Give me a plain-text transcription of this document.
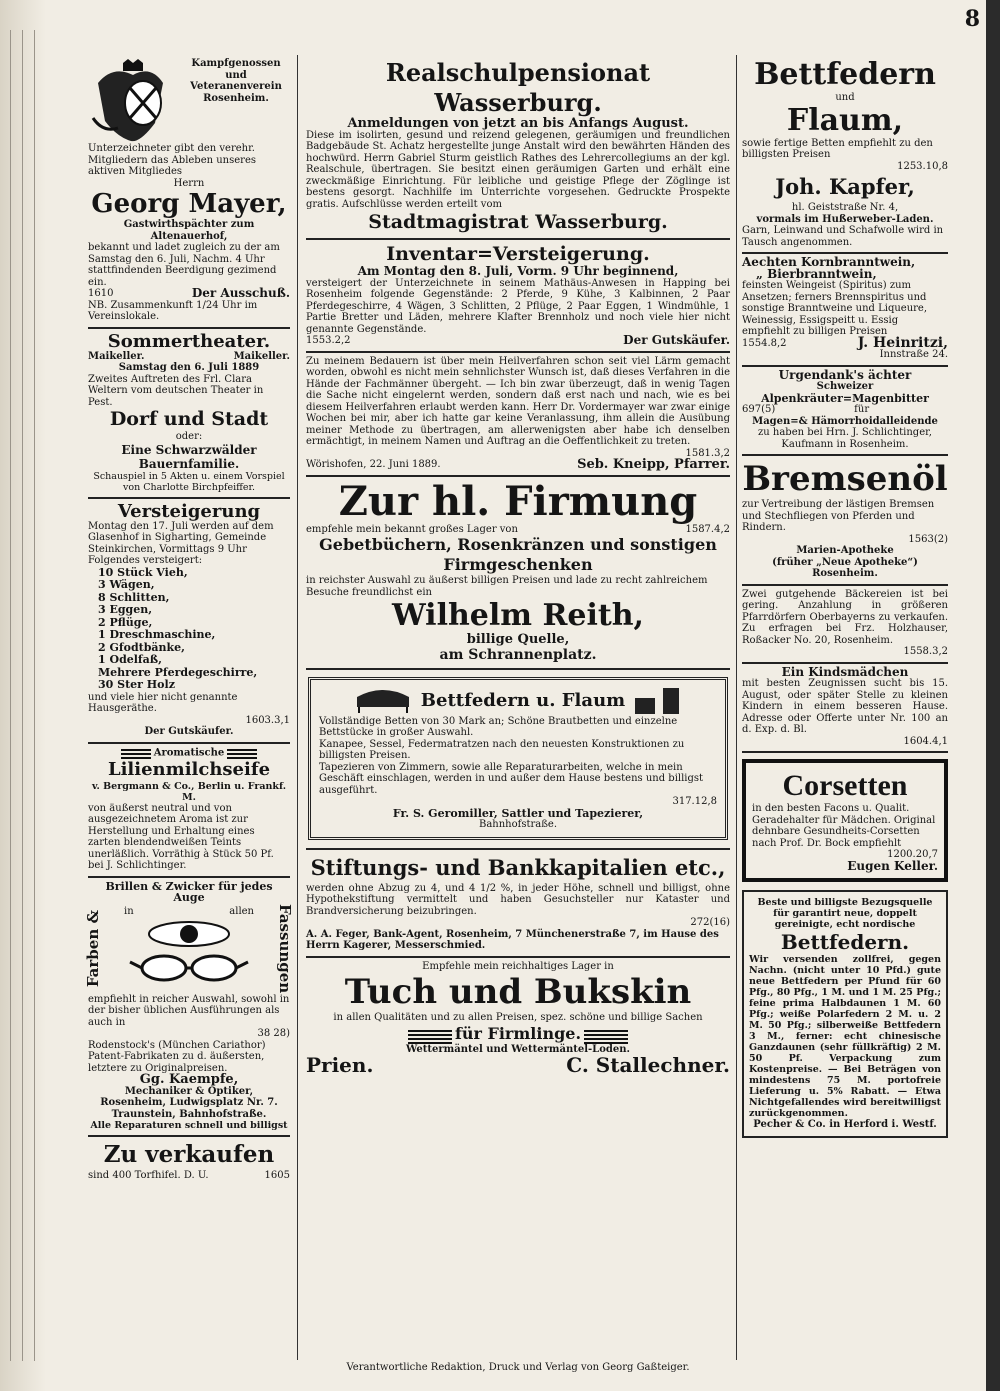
8
Kampfgenossen
und
Veteranenverein
Rosenheim.
Unterzeichneter gibt den verehr. Mitgliedern das Ableben unseres aktiven Mitgliedes
Herrn
Georg Mayer,
Gastwirthspächter zum Altenauerhof,
bekannt und ladet zugleich zu der am Samstag den 6. Juli, Nachm. 4 Uhr stattfindenden Beerdigung gezimend ein.
1610	Der Ausschuß.
NB. Zusammenkunft 1/24 Uhr im Vereinslokale.
Sommertheater.
Maikeller.	Maikeller.
Samstag den 6. Juli 1889
Zweites Auftreten des Frl. Clara Weltern vom deutschen Theater in Pest.
Dorf und Stadt
oder:
Eine Schwarzwälder Bauernfamilie.
Schauspiel in 5 Akten u. einem Vorspiel von Charlotte Birchpfeiffer.
Versteigerung
Montag den 17. Juli werden auf dem Glasenhof in Sigharting, Gemeinde Steinkirchen, Vormittags 9 Uhr Folgendes versteigert:
10 Stück Vieh,
3 Wägen,
8 Schlitten,
3 Eggen,
2 Pflüge,
1 Dreschmaschine,
2 Gfodtbänke,
1 Odelfaß,
Mehrere Pferdegeschirre,
30 Ster Holz
und viele hier nicht genannte Hausgeräthe.
1603.3,1
Der Gutskäufer.
Aromatische
Lilienmilchseife
v. Bergmann & Co., Berlin u. Frankf. M.
von äußerst neutral und von ausgezeichnetem Aroma ist zur Herstellung und Erhaltung eines zarten blendendweißen Teints unerläßlich. Vorräthig à Stück 50 Pf. bei J. Schlichtinger.
Brillen & Zwicker für jedes Auge
Farben & in	allen Fassungen
empfiehlt in reicher Auswahl, sowohl in der bisher üblichen Ausführungen als auch in
38 28)
Rodenstock's (München Cariathor) Patent-Fabrikaten zu d. äußersten, letztere zu Originalpreisen.
Gg. Kaempfe,
Mechaniker & Optiker,
Rosenheim, Ludwigsplatz Nr. 7. Traunstein, Bahnhofstraße.
Alle Reparaturen schnell und billigst
Zu verkaufen
sind 400 Torfhifel. D. U.	1605
Realschulpensionat Wasserburg.
Anmeldungen von jetzt an bis Anfangs August.
Diese im isolirten, gesund und reizend gelegenen, geräumigen und freundlichen Badgebäude St. Achatz hergestellte junge Anstalt wird den bewährten Händen des hochwürd. Herrn Gabriel Sturm geistlich Rathes des Lehrercollegiums an der kgl. Realschule, übertragen. Sie besitzt einen geräumigen Garten und erhält eine zweckmäßige Einrichtung. Für leibliche und geistige Pflege der Zöglinge ist bestens gesorgt. Nachhilfe im Unterrichte vorgesehen. Gedruckte Prospekte gratis. Aufschlüsse werden erteilt vom
Stadtmagistrat Wasserburg.
Inventar=Versteigerung.
Am Montag den 8. Juli, Vorm. 9 Uhr beginnend,
versteigert der Unterzeichnete in seinem Mathäus-Anwesen in Happing bei Rosenheim folgende Gegenstände: 2 Pferde, 9 Kühe, 3 Kalbinnen, 2 Paar Pferdegeschirre, 4 Wägen, 3 Schlitten, 2 Pflüge, 2 Paar Eggen, 1 Windmühle, 1 Partie Bretter und Läden, mehrere Klafter Brennholz und noch viele hier nicht genannte Gegenstände.
1553.2,2	Der Gutskäufer.
Zu meinem Bedauern ist über mein Heilverfahren schon seit viel Lärm gemacht worden, obwohl es nicht mein sehnlichster Wunsch ist, daß dieses Verfahren in die Hände der Fachmänner übergeht. — Ich bin zwar überzeugt, daß in wenig Tagen die Sache nicht eingelernt werden, sondern daß erst nach und nach, wie es bei diesem Heilverfahren erlaubt werden kann. Herr Dr. Vordermayer war zwar einige Wochen bei mir, aber ich hatte gar keine Veranlassung, ihm allein die Ausübung meiner Methode zu übertragen, am allerwenigsten aber habe ich denselben ermächtigt, in meinem Namen und Auftrag an die Oeffentlichkeit zu treten.
1581.3,2
Wörishofen, 22. Juni 1889.	Seb. Kneipp, Pfarrer.
Zur hl. Firmung
empfehle mein bekannt großes Lager von	1587.4,2
Gebetbüchern, Rosenkränzen und sonstigen Firmgeschenken
in reichster Auswahl zu äußerst billigen Preisen und lade zu recht zahlreichem Besuche freundlichst ein
Wilhelm Reith,
billige Quelle,
am Schrannenplatz.
Bettfedern u. Flaum
Vollständige Betten von 30 Mark an; Schöne Brautbetten und einzelne Bettstücke in großer Auswahl.
Kanapee, Sessel, Federmatratzen nach den neuesten Konstruktionen zu billigsten Preisen.
Tapezieren von Zimmern, sowie alle Reparaturarbeiten, welche in mein Geschäft einschlagen, werden in und außer dem Hause bestens und billigst ausgeführt.
317.12,8
Fr. S. Geromiller, Sattler und Tapezierer,
Bahnhofstraße.
Stiftungs- und Bankkapitalien etc.,
werden ohne Abzug zu 4, und 4 1/2 %, in jeder Höhe, schnell und billigst, ohne Hypothekstiftung vermittelt und haben Gesuchsteller nur Kataster und Brandversicherung beizubringen.
272(16)
A. A. Feger, Bank-Agent, Rosenheim, 7 Münchenerstraße 7, im Hause des Herrn Kagerer, Messerschmied.
Empfehle mein reichhaltiges Lager in
Tuch und Bukskin
in allen Qualitäten und zu allen Preisen, spez. schöne und billige Sachen
für Firmlinge.
Wettermäntel und Wettermäntel-Loden.
Prien.	C. Stallechner.
Bettfedern
und
Flaum,
sowie fertige Betten empfiehlt zu den billigsten Preisen
1253.10,8
Joh. Kapfer,
hl. Geiststraße Nr. 4,
vormals im Hußerweber-Laden.
Garn, Leinwand und Schafwolle wird in Tausch angenommen.
Aechten Kornbranntwein,
„ Bierbranntwein,
feinsten Weingeist (Spiritus) zum Ansetzen; ferners Brennspiritus und sonstige Branntweine und Liqueure, Weinessig, Essigspeitt u. Essig empfiehlt zu billigen Preisen
1554.8,2	J. Heinritzi,
Innstraße 24.
Urgendank's ächter
Schweizer
Alpenkräuter=Magenbitter
697(5)	für
Magen=& Hämorrhoidalleidende
zu haben bei Hrn. J. Schlichtinger, Kaufmann in Rosenheim.
Bremsenöl
zur Vertreibung der lästigen Bremsen und Stechfliegen von Pferden und Rindern.
1563(2)
Marien-Apotheke
(früher „Neue Apotheke“)
Rosenheim.
Zwei gutgehende Bäckereien ist bei gering. Anzahlung in größeren Pfarrdörfern Oberbayerns zu verkaufen. Zu erfragen bei Frz. Holzhauser, Roßacker No. 20, Rosenheim.
1558.3,2
Ein Kindsmädchen
mit besten Zeugnissen sucht bis 15. August, oder später Stelle zu kleinen Kindern in einem besseren Hause. Adresse oder Offerte unter Nr. 100 an d. Exp. d. Bl.
1604.4,1
Corsetten
in den besten Facons u. Qualit. Geradehalter für Mädchen. Original dehnbare Gesundheits-Corsetten nach Prof. Dr. Bock empfiehlt
1200.20,7
Eugen Keller.
Beste und billigste Bezugsquelle für garantirt neue, doppelt gereinigte, echt nordische
Bettfedern.
Wir versenden zollfrei, gegen Nachn. (nicht unter 10 Pfd.) gute neue Bettfedern per Pfund für 60 Pfg., 80 Pfg., 1 M. und 1 M. 25 Pfg.; feine prima Halbdaunen 1 M. 60 Pfg.; weiße Polarfedern 2 M. u. 2 M. 50 Pfg.; silberweiße Bettfedern 3 M., ferner: echt chinesische Ganzdaunen (sehr füllkräftig) 2 M. 50 Pf. Verpackung zum Kostenpreise. — Bei Beträgen von mindestens 75 M. portofreie Lieferung u. 5% Rabatt. — Etwa Nichtgefallendes wird bereitwilligst zurückgenommen.
Pecher & Co. in Herford i. Westf.
Verantwortliche Redaktion, Druck und Verlag von Georg Gaßteiger.
